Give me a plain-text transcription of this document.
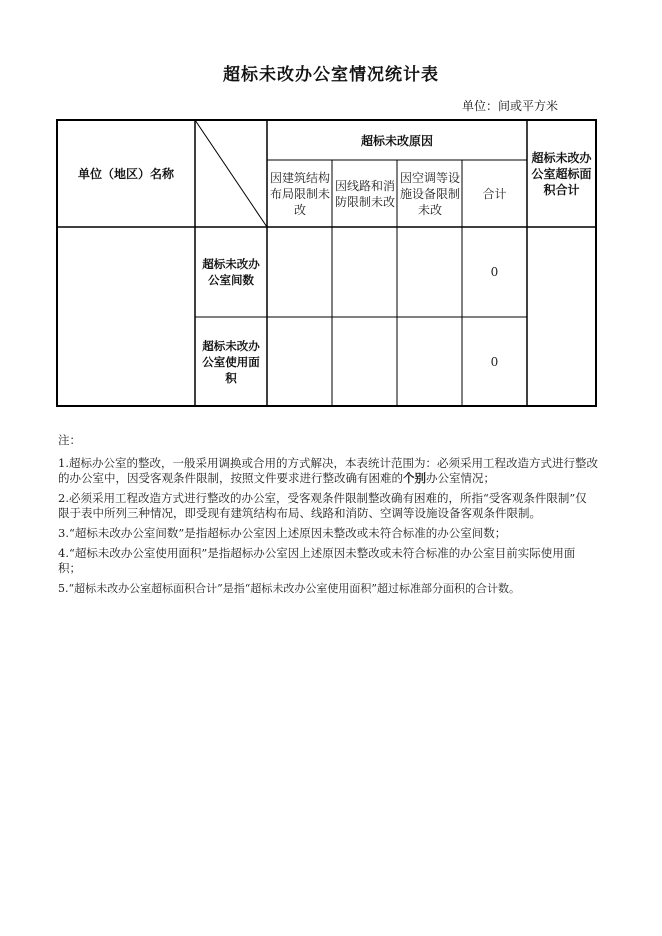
超标未改办公室情况统计表
单位：间或平方米
单位（地区）名称
超标未改原因
因建筑结构布局限制未改
因线路和消防限制未改
因空调等设施设备限制未改
合计
超标未改办公室超标面积合计
超标未改办公室间数
0
超标未改办公室使用面积
0
注：
1.超标办公室的整改，一般采用调换或合用的方式解决，本表统计范围为：必须采用工程改造方式进行整改的办公室中，因受客观条件限制，按照文件要求进行整改确有困难的个别办公室情况；
2.必须采用工程改造方式进行整改的办公室，受客观条件限制整改确有困难的，所指“受客观条件限制”仅限于表中所列三种情况，即受现有建筑结构布局、线路和消防、空调等设施设备客观条件限制。
3.“超标未改办公室间数”是指超标办公室因上述原因未整改或未符合标准的办公室间数；
4.“超标未改办公室使用面积”是指超标办公室因上述原因未整改或未符合标准的办公室目前实际使用面积；
5.“超标未改办公室超标面积合计”是指“超标未改办公室使用面积”超过标准部分面积的合计数。
